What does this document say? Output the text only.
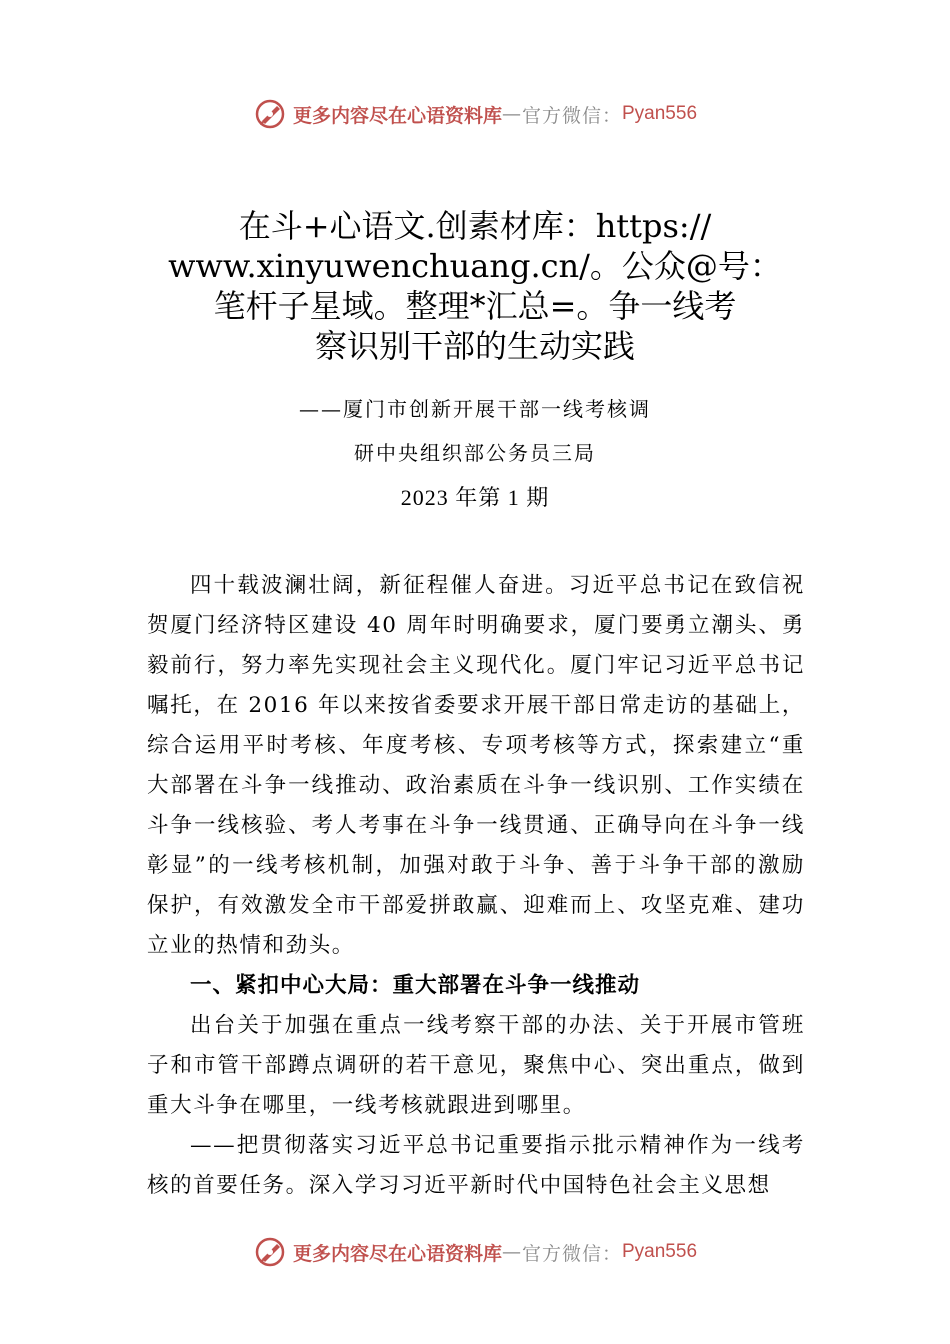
更多内容尽在心语资料库 — 官方微信： Pyan556
在斗+心语文.创素材库：https://
www.xinyuwenchuang.cn/。公众@号：
笔杆子星域。整理*汇总=。争一线考
察识别干部的生动实践
——厦门市创新开展干部一线考核调
研中央组织部公务员三局
2023 年第 1 期

四十载波澜壮阔，新征程催人奋进。习近平总书记在致信祝贺厦门经济特区建设 40 周年时明确要求，厦门要勇立潮头、勇毅前行，努力率先实现社会主义现代化。厦门牢记习近平总书记嘱托，在 2016 年以来按省委要求开展干部日常走访的基础上，综合运用平时考核、年度考核、专项考核等方式，探索建立“重大部署在斗争一线推动、政治素质在斗争一线识别、工作实绩在斗争一线核验、考人考事在斗争一线贯通、正确导向在斗争一线彰显”的一线考核机制，加强对敢于斗争、善于斗争干部的激励保护，有效激发全市干部爱拼敢赢、迎难而上、攻坚克难、建功立业的热情和劲头。

一、紧扣中心大局：重大部署在斗争一线推动

出台关于加强在重点一线考察干部的办法、关于开展市管班子和市管干部蹲点调研的若干意见，聚焦中心、突出重点，做到重大斗争在哪里，一线考核就跟进到哪里。

——把贯彻落实习近平总书记重要指示批示精神作为一线考核的首要任务。深入学习习近平新时代中国特色社会主义思想

更多内容尽在心语资料库 — 官方微信： Pyan556
